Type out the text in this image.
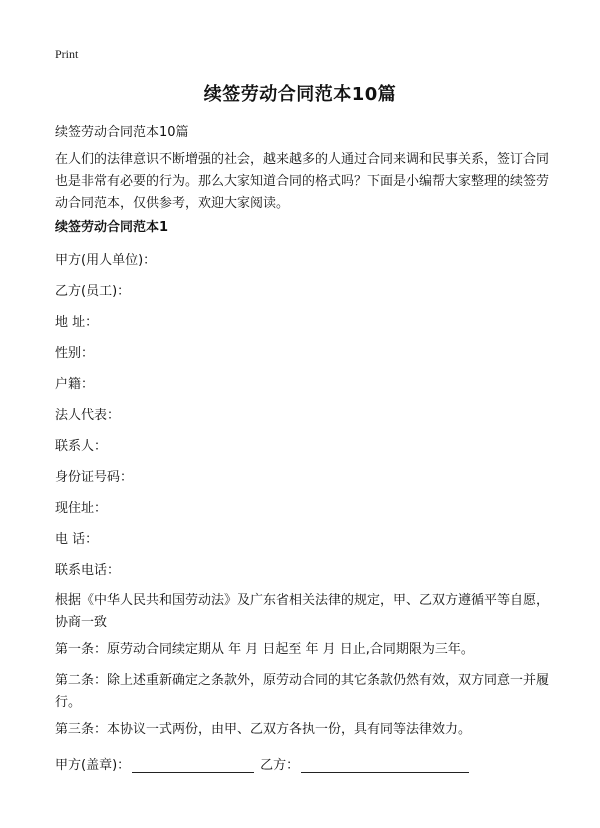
Print
续签劳动合同范本10篇
续签劳动合同范本10篇
在人们的法律意识不断增强的社会，越来越多的人通过合同来调和民事关系，签订合同也是非常有必要的行为。那么大家知道合同的格式吗？下面是小编帮大家整理的续签劳动合同范本，仅供参考，欢迎大家阅读。
续签劳动合同范本1
甲方(用人单位)：
乙方(员工)：
地 址：
性别：
户籍：
法人代表：
联系人：
身份证号码：
现住址：
电 话：
联系电话：
根据《中华人民共和国劳动法》及广东省相关法律的规定，甲、乙双方遵循平等自愿，协商一致
第一条：原劳动合同续定期从 年 月 日起至 年 月 日止,合同期限为三年。
第二条：除上述重新确定之条款外，原劳动合同的其它条款仍然有效，双方同意一并履行。
第三条：本协议一式两份，由甲、乙双方各执一份，具有同等法律效力。
甲方(盖章)：	乙方：
